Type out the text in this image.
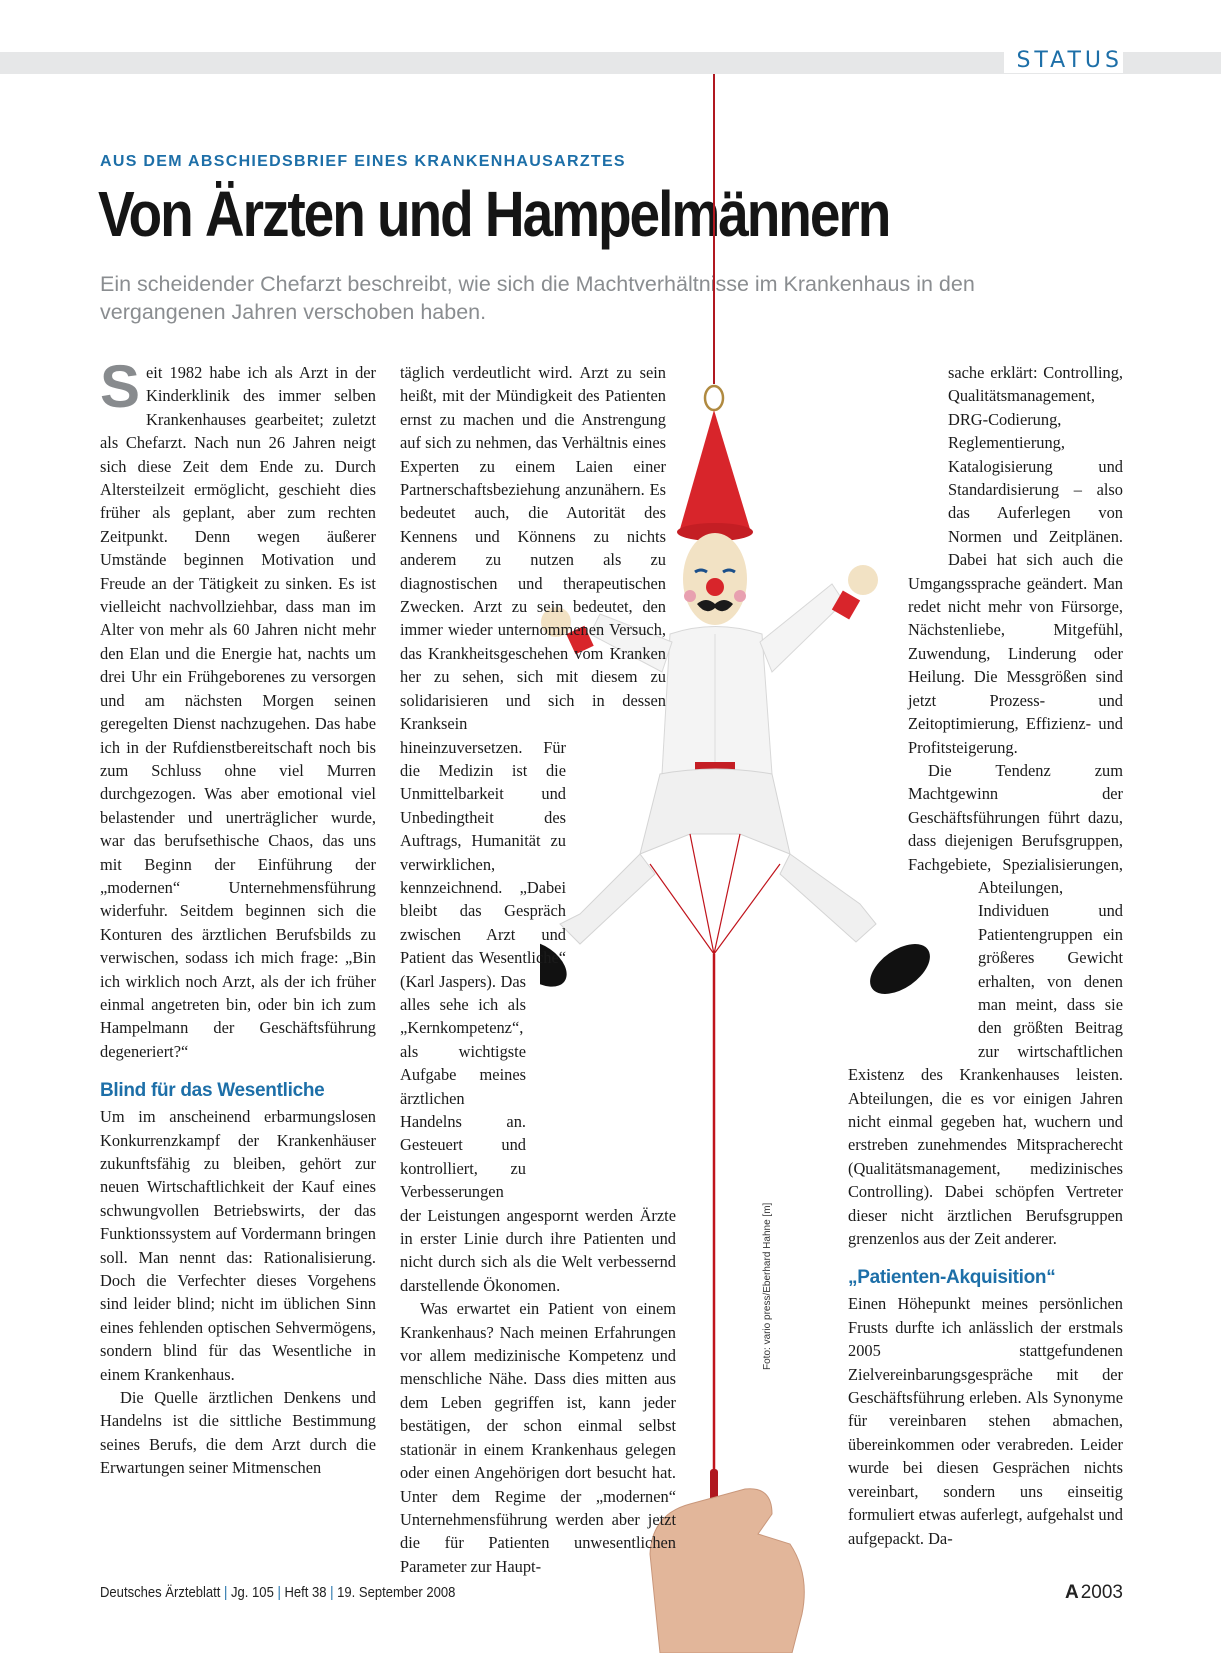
STATUS
AUS DEM ABSCHIEDSBRIEF EINES KRANKENHAUSARZTES
Von Ärzten und Hampelmännern
Ein scheidender Chefarzt beschreibt, wie sich die Machtverhältnisse im Krankenhaus in den vergangenen Jahren verschoben haben.

S eit 1982 habe ich als Arzt in der Kinderklinik des immer selben Krankenhauses gearbeitet; zuletzt als Chefarzt. Nach nun 26 Jahren neigt sich diese Zeit dem Ende zu. Durch Altersteilzeit ermöglicht, geschieht dies früher als geplant, aber zum rechten Zeitpunkt. Denn wegen äußerer Umstände beginnen Motivation und Freude an der Tätigkeit zu sinken. Es ist vielleicht nachvollziehbar, dass man im Alter von mehr als 60 Jahren nicht mehr den Elan und die Energie hat, nachts um drei Uhr ein Frühgeborenes zu versorgen und am nächsten Morgen seinen geregelten Dienst nachzugehen. Das habe ich in der Rufdienstbereitschaft noch bis zum Schluss ohne viel Murren durchgezogen. Was aber emotional viel belastender und unerträglicher wurde, war das berufsethische Chaos, das uns mit Beginn der Einführung der „modernen“ Unternehmensführung widerfuhr. Seitdem beginnen sich die Konturen des ärztlichen Berufsbilds zu verwischen, sodass ich mich frage: „Bin ich wirklich noch Arzt, als der ich früher einmal angetreten bin, oder bin ich zum Hampelmann der Geschäftsführung degeneriert?“

Blind für das Wesentliche

Um im anscheinend erbarmungslosen Konkurrenzkampf der Krankenhäuser zukunftsfähig zu bleiben, gehört zur neuen Wirtschaftlichkeit der Kauf eines schwungvollen Betriebswirts, der das Funktionssystem auf Vordermann bringen soll. Man nennt das: Rationalisierung. Doch die Verfechter dieses Vorgehens sind leider blind; nicht im üblichen Sinn eines fehlenden optischen Sehvermögens, sondern blind für das Wesentliche in einem Krankenhaus.

Die Quelle ärztlichen Denkens und Handelns ist die sittliche Bestimmung seines Berufs, die dem Arzt durch die Erwartungen seiner Mitmenschen

täglich verdeutlicht wird. Arzt zu sein heißt, mit der Mündigkeit des Patienten ernst zu machen und die Anstrengung auf sich zu nehmen, das Verhältnis eines Experten zu einem Laien einer Partnerschaftsbeziehung anzunähern. Es bedeutet auch, die Autorität des Kennens und Könnens zu nichts anderem zu nutzen als zu diagnostischen und therapeutischen Zwecken. Arzt zu sein bedeutet, den immer wieder unternommenen Versuch, das Krankheitsgeschehen vom Kranken her zu sehen, sich mit diesem zu solidarisieren und sich in dessen Kranksein hineinzuversetzen. Für die Medizin ist die Unmittelbarkeit und Unbedingtheit des Auftrags, Humanität zu verwirklichen, kennzeichnend. „Dabei bleibt das Gespräch zwischen Arzt und Patient das Wesentliche“ (Karl Jaspers). Das alles sehe ich als „Kernkompetenz“, als wichtigste Aufgabe meines ärztlichen Handelns an. Gesteuert und kontrolliert, zu Verbesserungen der Leistungen angespornt werden Ärzte in erster Linie durch ihre Patienten und nicht durch sich als die Welt verbessernd darstellende Ökonomen.

Was erwartet ein Patient von einem Krankenhaus? Nach meinen Erfahrungen vor allem medizinische Kompetenz und menschliche Nähe. Dass dies mitten aus dem Leben gegriffen ist, kann jeder bestätigen, der schon einmal selbst stationär in einem Krankenhaus gelegen oder einen Angehörigen dort besucht hat. Unter dem Regime der „modernen“ Unternehmensführung werden aber jetzt die für Patienten unwesentlichen Parameter zur Haupt-

sache erklärt: Controlling, Qualitätsmanagement, DRG-Codierung, Reglementierung, Katalogisierung und Standardisierung – also das Auferlegen von Normen und Zeitplänen. Dabei hat sich auch die Umgangssprache geändert. Man redet nicht mehr von Fürsorge, Nächstenliebe, Mitgefühl, Zuwendung, Linderung oder Heilung. Die Messgrößen sind jetzt Prozess- und Zeitoptimierung, Effizienz- und Profitsteigerung.

Die Tendenz zum Machtgewinn der Geschäftsführungen führt dazu, dass diejenigen Berufsgruppen, Fachgebiete, Spezialisierungen, Abteilungen, Individuen und Patientengruppen ein größeres Gewicht erhalten, von denen man meint, dass sie den größten Beitrag zur wirtschaftlichen Existenz des Krankenhauses leisten. Abteilungen, die es vor einigen Jahren nicht einmal gegeben hat, wuchern und erstreben zunehmendes Mitspracherecht (Qualitätsmanagement, medizinisches Controlling). Dabei schöpfen Vertreter dieser nicht ärztlichen Berufsgruppen grenzenlos aus der Zeit anderer.

„Patienten-Akquisition“

Einen Höhepunkt meines persönlichen Frusts durfte ich anlässlich der erstmals 2005 stattgefundenen Zielvereinbarungsgespräche mit der Geschäftsführung erleben. Als Synonyme für vereinbaren stehen abmachen, übereinkommen oder verabreden. Leider wurde bei diesen Gesprächen nichts vereinbart, sondern uns einseitig formuliert etwas auferlegt, aufgehalst und aufgepackt. Da-

Foto: vario press/Eberhard Hahne [m]
Deutsches Ärzteblatt | Jg. 105 | Heft 38 | 19. September 2008	A 2003
